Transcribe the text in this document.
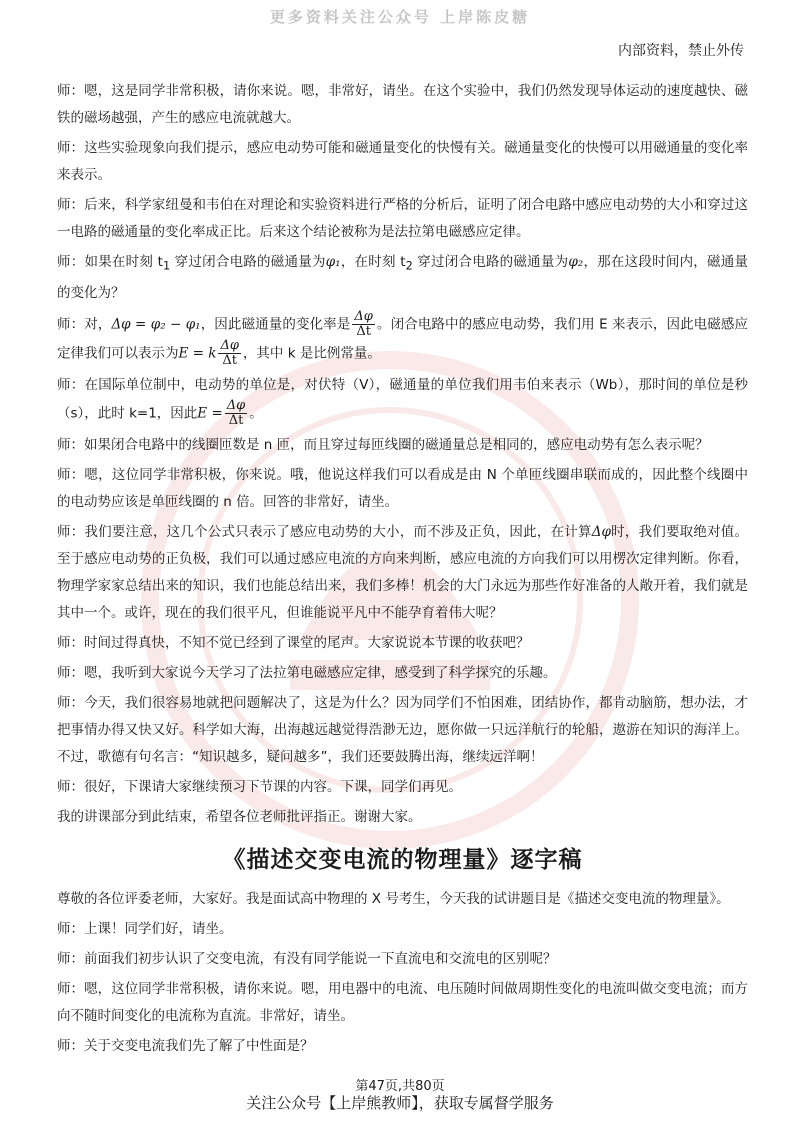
更多资料关注公众号 上岸陈皮糖
内部资料，禁止外传

师：嗯，这是同学非常积极，请你来说。嗯，非常好，请坐。在这个实验中，我们仍然发现导体运动的速度越快、磁铁的磁场越强，产生的感应电流就越大。

师：这些实验现象向我们提示，感应电动势可能和磁通量变化的快慢有关。磁通量变化的快慢可以用磁通量的变化率来表示。

师：后来，科学家纽曼和韦伯在对理论和实验资料进行严格的分析后，证明了闭合电路中感应电动势的大小和穿过这一电路的磁通量的变化率成正比。后来这个结论被称为是法拉第电磁感应定律。

师：如果在时刻 $t_1$ 穿过闭合电路的磁通量为φ₁，在时刻 $t_2$ 穿过闭合电路的磁通量为φ₂，那在这段时间内，磁通量的变化为？

师：对，Δφ = φ₂ − φ₁，因此磁通量的变化率是 $\frac{\Delta\varphi}{\Delta t}$ 。闭合电路中的感应电动势，我们用 E 来表示，因此电磁感应定律我们可以表示为E = k $\frac{\Delta\varphi}{\Delta t}$ ，其中 k 是比例常量。

师：在国际单位制中，电动势的单位是，对伏特（V），磁通量的单位我们用韦伯来表示（Wb），那时间的单位是秒（s），此时 k=1，因此$E = \frac{\Delta\varphi}{\Delta t}$ 。

师：如果闭合电路中的线圈匝数是 n 匝，而且穿过每匝线圈的磁通量总是相同的，感应电动势有怎么表示呢？

师：嗯，这位同学非常积极，你来说。哦，他说这样我们可以看成是由 N 个单匝线圈串联而成的，因此整个线圈中的电动势应该是单匝线圈的 n 倍。回答的非常好，请坐。

师：我们要注意，这几个公式只表示了感应电动势的大小，而不涉及正负，因此，在计算Δφ时，我们要取绝对值。至于感应电动势的正负极，我们可以通过感应电流的方向来判断，感应电流的方向我们可以用楞次定律判断。你看，物理学家家总结出来的知识，我们也能总结出来，我们多棒！机会的大门永远为那些作好准备的人敞开着，我们就是其中一个。或许，现在的我们很平凡，但谁能说平凡中不能孕育着伟大呢？

师：时间过得真快，不知不觉已经到了课堂的尾声。大家说说本节课的收获吧？

师：嗯，我听到大家说今天学习了法拉第电磁感应定律，感受到了科学探究的乐趣。

师：今天，我们很容易地就把问题解决了，这是为什么？因为同学们不怕困难，团结协作，都肯动脑筋，想办法，才把事情办得又快又好。科学如大海，出海越远越觉得浩渺无边，愿你做一只远洋航行的轮船，遨游在知识的海洋上。不过，歌德有句名言：“知识越多，疑问越多”，我们还要鼓腾出海，继续远洋啊！

师：很好，下课请大家继续预习下节课的内容。下课，同学们再见。

我的讲课部分到此结束，希望各位老师批评指正。谢谢大家。

《描述交变电流的物理量》逐字稿

尊敬的各位评委老师，大家好。我是面试高中物理的 X 号考生，今天我的试讲题目是《描述交变电流的物理量》。

师：上课！同学们好，请坐。

师：前面我们初步认识了交变电流，有没有同学能说一下直流电和交流电的区别呢？

师：嗯，这位同学非常积极，请你来说。嗯，用电器中的电流、电压随时间做周期性变化的电流叫做交变电流；而方向不随时间变化的电流称为直流。非常好，请坐。

师：关于交变电流我们先了解了中性面是？

第47页,共80页
关注公众号【上岸熊教师】，获取专属督学服务
